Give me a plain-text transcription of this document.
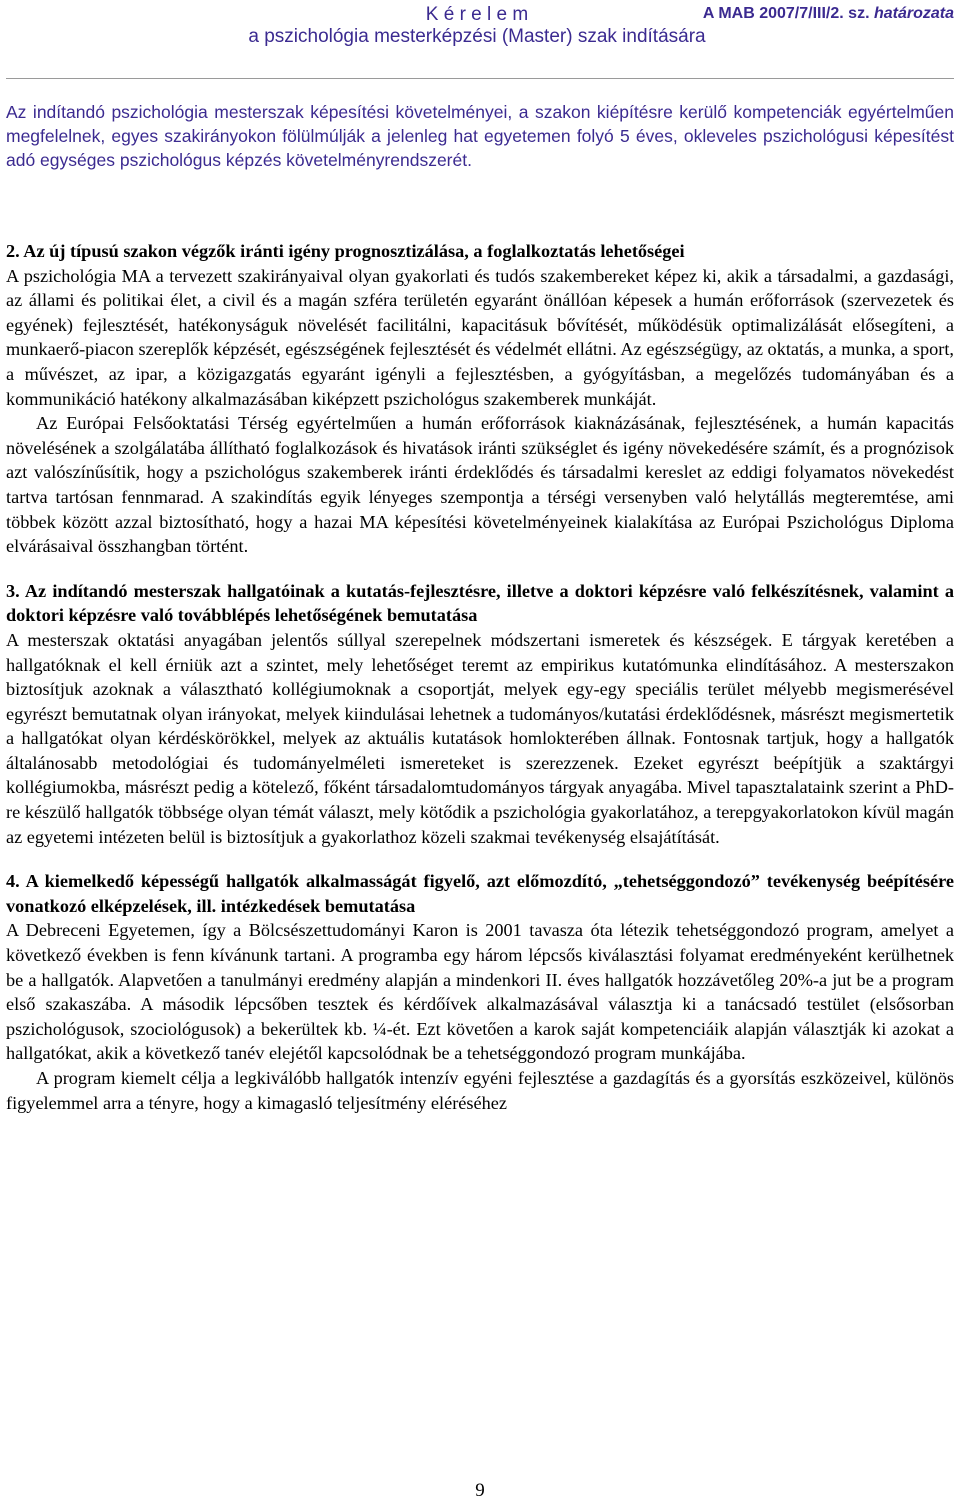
K é r e l e m
a pszichológia mesterképzési (Master) szak indítására
A MAB 2007/7/III/2. sz. határozata
Az indítandó pszichológia mesterszak képesítési követelményei, a szakon kiépítésre kerülő kompetenciák egyértelműen megfelelnek, egyes szakirányokon fölülmúlják a jelenleg hat egyetemen folyó 5 éves, okleveles pszichológusi képesítést adó egységes pszichológus képzés követelményrendszerét.

2. Az új típusú szakon végzők iránti igény prognosztizálása, a foglalkoztatás lehetőségei

A pszichológia MA a tervezett szakirányaival olyan gyakorlati és tudós szakembereket képez ki, akik a társadalmi, a gazdasági, az állami és politikai élet, a civil és a magán szféra területén egyaránt önállóan képesek a humán erőforrások (szervezetek és egyének) fejlesztését, hatékonyságuk növelését facilitálni, kapacitásuk bővítését, működésük optimalizálását elősegíteni, a munkaerő-piacon szereplők képzését, egészségének fejlesztését és védelmét ellátni. Az egészségügy, az oktatás, a munka, a sport, a művészet, az ipar, a közigazgatás egyaránt igényli a fejlesztésben, a gyógyításban, a megelőzés tudományában és a kommunikáció hatékony alkalmazásában kiképzett pszichológus szakemberek munkáját.

Az Európai Felsőoktatási Térség egyértelműen a humán erőforrások kiaknázásának, fejlesztésének, a humán kapacitás növelésének a szolgálatába állítható foglalkozások és hivatások iránti szükséglet és igény növekedésére számít, és a prognózisok azt valószínűsítik, hogy a pszichológus szakemberek iránti érdeklődés és társadalmi kereslet az eddigi folyamatos növekedést tartva tartósan fennmarad. A szakindítás egyik lényeges szempontja a térségi versenyben való helytállás megteremtése, ami többek között azzal biztosítható, hogy a hazai MA képesítési követelményeinek kialakítása az Európai Pszichológus Diploma elvárásaival összhangban történt.

3. Az indítandó mesterszak hallgatóinak a kutatás-fejlesztésre, illetve a doktori képzésre való felkészítésnek, valamint a doktori képzésre való továbblépés lehetőségének bemutatása

A mesterszak oktatási anyagában jelentős súllyal szerepelnek módszertani ismeretek és készségek. E tárgyak keretében a hallgatóknak el kell érniük azt a szintet, mely lehetőséget teremt az empirikus kutatómunka elindításához. A mesterszakon biztosítjuk azoknak a választható kollégiumoknak a csoportját, melyek egy-egy speciális terület mélyebb megismerésével egyrészt bemutatnak olyan irányokat, melyek kiindulásai lehetnek a tudományos/kutatási érdeklődésnek, másrészt megismertetik a hallgatókat olyan kérdéskörökkel, melyek az aktuális kutatások homlokterében állnak. Fontosnak tartjuk, hogy a hallgatók általánosabb metodológiai és tudományelméleti ismereteket is szerezzenek. Ezeket egyrészt beépítjük a szaktárgyi kollégiumokba, másrészt pedig a kötelező, főként társadalomtudományos tárgyak anyagába. Mivel tapasztalataink szerint a PhD-re készülő hallgatók többsége olyan témát választ, mely kötődik a pszichológia gyakorlatához, a terepgyakorlatokon kívül magán az egyetemi intézeten belül is biztosítjuk a gyakorlathoz közeli szakmai tevékenység elsajátítását.

4. A kiemelkedő képességű hallgatók alkalmasságát figyelő, azt előmozdító, „tehetséggondozó” tevékenység beépítésére vonatkozó elképzelések, ill. intézkedések bemutatása

A Debreceni Egyetemen, így a Bölcsészettudományi Karon is 2001 tavasza óta létezik tehetséggondozó program, amelyet a következő években is fenn kívánunk tartani. A programba egy három lépcsős kiválasztási folyamat eredményeként kerülhetnek be a hallgatók. Alapvetően a tanulmányi eredmény alapján a mindenkori II. éves hallgatók hozzávetőleg 20%-a jut be a program első szakaszába. A második lépcsőben tesztek és kérdőívek alkalmazásával választja ki a tanácsadó testület (elsősorban pszichológusok, szociológusok) a bekerültek kb. ¼-ét. Ezt követően a karok saját kompetenciáik alapján választják ki azokat a hallgatókat, akik a következő tanév elejétől kapcsolódnak be a tehetséggondozó program munkájába.

A program kiemelt célja a legkiválóbb hallgatók intenzív egyéni fejlesztése a gazdagítás és a gyorsítás eszközeivel, különös figyelemmel arra a tényre, hogy a kimagasló teljesítmény eléréséhez

9
